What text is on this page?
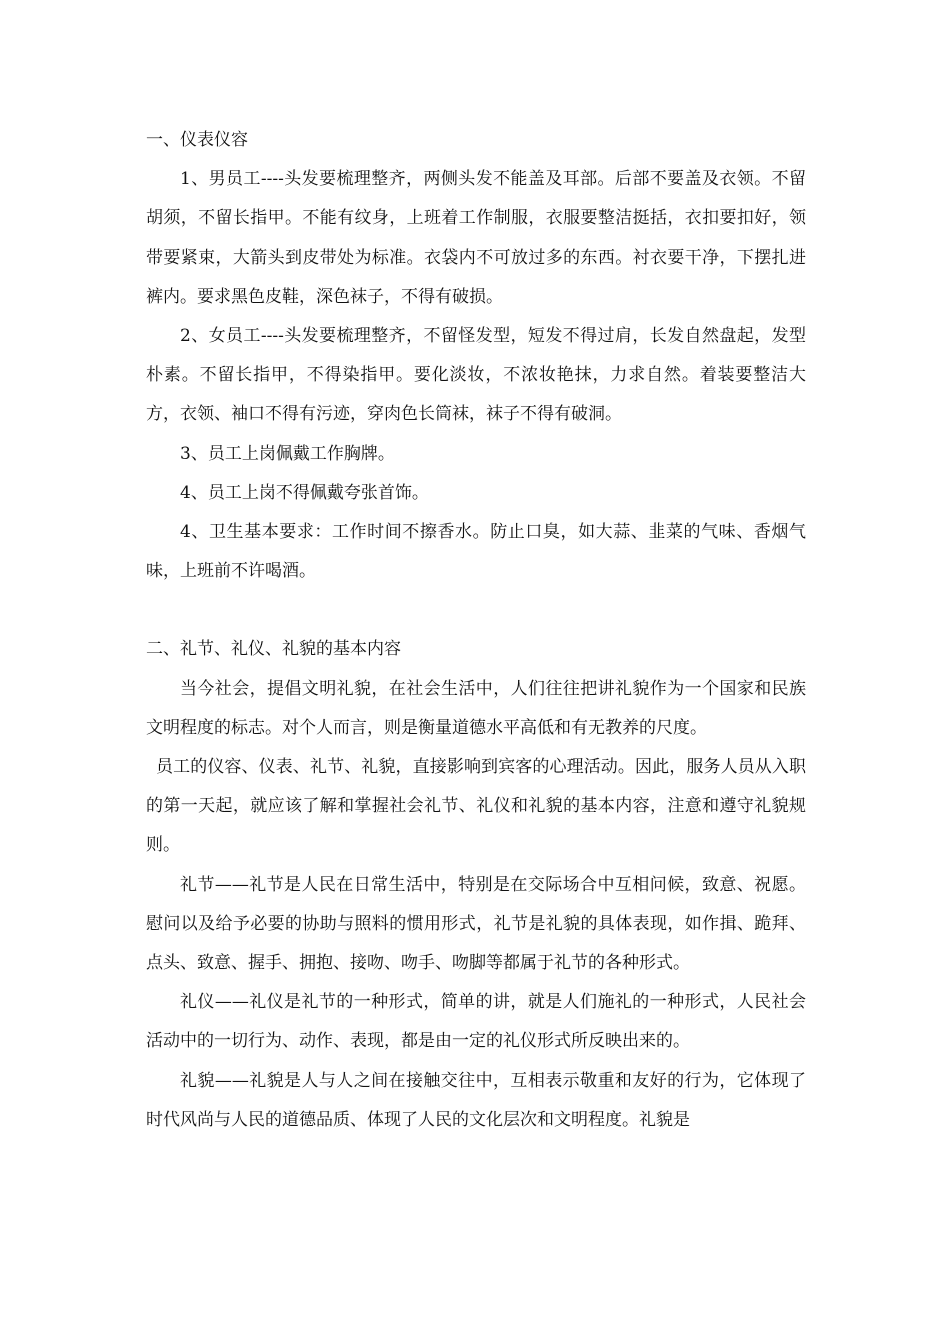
一、仪表仪容

1、男员工----头发要梳理整齐，两侧头发不能盖及耳部。后部不要盖及衣领。不留胡须，不留长指甲。不能有纹身，上班着工作制服，衣服要整洁挺括，衣扣要扣好，领带要紧束，大箭头到皮带处为标准。衣袋内不可放过多的东西。衬衣要干净，下摆扎进裤内。要求黑色皮鞋，深色袜子，不得有破损。

2、女员工----头发要梳理整齐，不留怪发型，短发不得过肩，长发自然盘起，发型朴素。不留长指甲，不得染指甲。要化淡妆，不浓妆艳抹，力求自然。着装要整洁大方，衣领、袖口不得有污迹，穿肉色长筒袜，袜子不得有破洞。

3、员工上岗佩戴工作胸牌。

4、员工上岗不得佩戴夸张首饰。

4、卫生基本要求：工作时间不擦香水。防止口臭，如大蒜、韭菜的气味、香烟气味，上班前不许喝酒。

二、礼节、礼仪、礼貌的基本内容

当今社会，提倡文明礼貌，在社会生活中，人们往往把讲礼貌作为一个国家和民族文明程度的标志。对个人而言，则是衡量道德水平高低和有无教养的尺度。

员工的仪容、仪表、礼节、礼貌，直接影响到宾客的心理活动。因此，服务人员从入职的第一天起，就应该了解和掌握社会礼节、礼仪和礼貌的基本内容，注意和遵守礼貌规则。

礼节——礼节是人民在日常生活中，特别是在交际场合中互相问候，致意、祝愿。慰问以及给予必要的协助与照料的惯用形式，礼节是礼貌的具体表现，如作揖、跪拜、点头、致意、握手、拥抱、接吻、吻手、吻脚等都属于礼节的各种形式。

礼仪——礼仪是礼节的一种形式，简单的讲，就是人们施礼的一种形式，人民社会活动中的一切行为、动作、表现，都是由一定的礼仪形式所反映出来的。

礼貌——礼貌是人与人之间在接触交往中，互相表示敬重和友好的行为，它体现了时代风尚与人民的道德品质、体现了人民的文化层次和文明程度。礼貌是
